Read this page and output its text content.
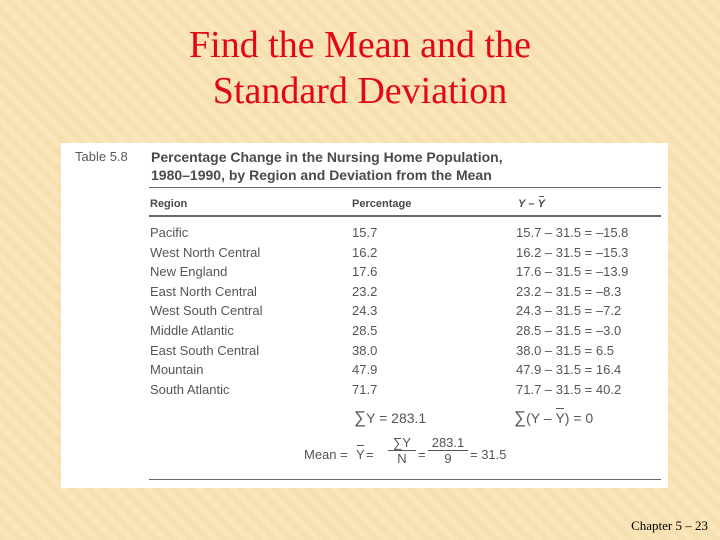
Find the Mean and the
Standard Deviation
Table 5.8 Percentage Change in the Nursing Home Population,
1980–1990, by Region and Deviation from the Mean
Region	Percentage	Y – Y
Pacific	15.7	15.7 – 31.5 = –15.8
West North Central	16.2	16.2 – 31.5 = –15.3
New England	17.6	17.6 – 31.5 = –13.9
East North Central	23.2	23.2 – 31.5 = –8.3
West South Central	24.3	24.3 – 31.5 = –7.2
Middle Atlantic	28.5	28.5 – 31.5 = –3.0
East South Central	38.0	38.0 – 31.5 = 6.5
Mountain	47.9	47.9 – 31.5 = 16.4
South Atlantic	71.7	71.7 – 31.5 = 40.2
∑Y = 283.1	∑(Y – Y) = 0
Mean = $Y = \frac{\sum Y}{N} = \frac{283.1}{9} = 31.5$
Chapter 5 – 23
